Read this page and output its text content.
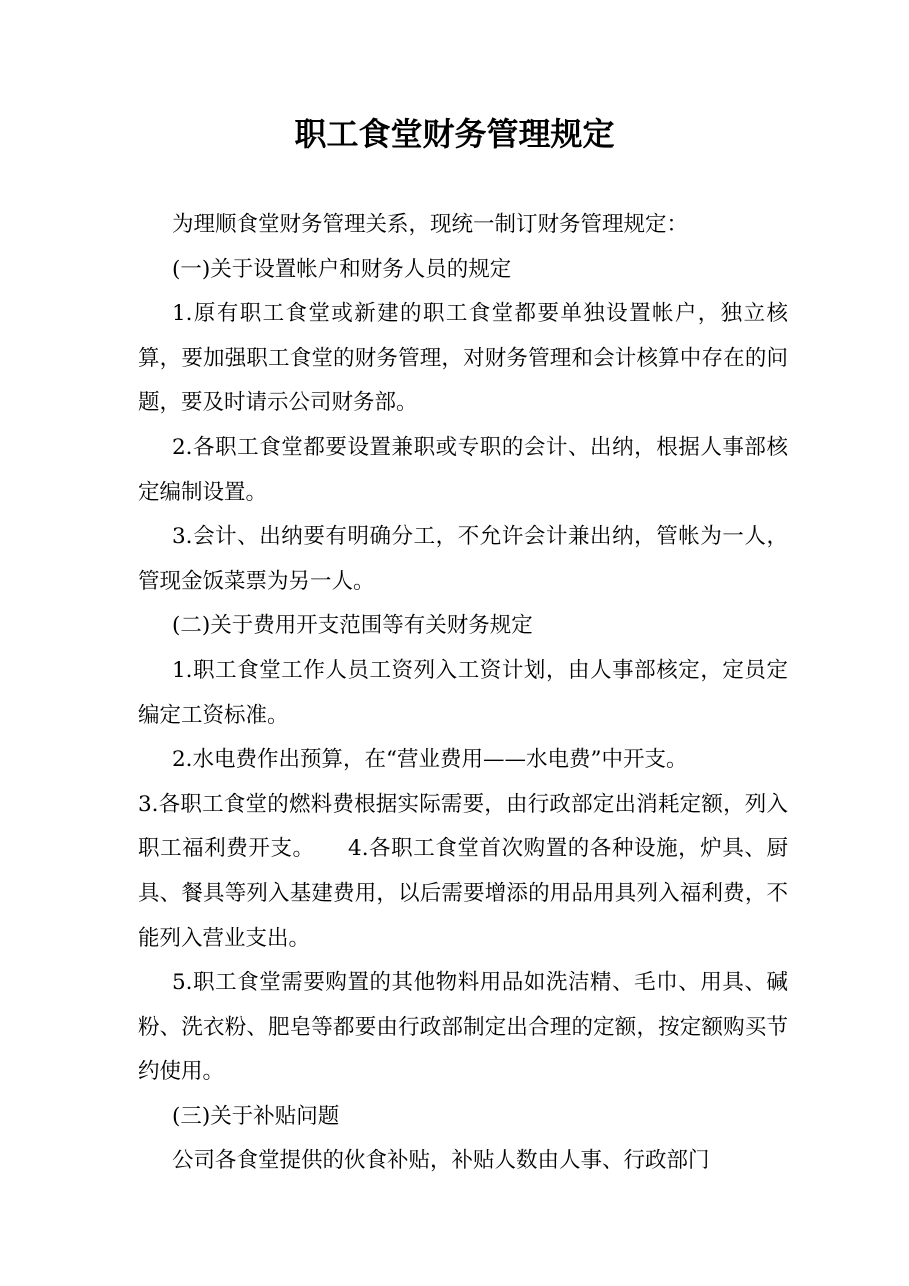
职工食堂财务管理规定

为理顺食堂财务管理关系，现统一制订财务管理规定：

(一)关于设置帐户和财务人员的规定

1.原有职工食堂或新建的职工食堂都要单独设置帐户，独立核算，要加强职工食堂的财务管理，对财务管理和会计核算中存在的问题，要及时请示公司财务部。

2.各职工食堂都要设置兼职或专职的会计、出纳，根据人事部核定编制设置。

3.会计、出纳要有明确分工，不允许会计兼出纳，管帐为一人，管现金饭菜票为另一人。

(二)关于费用开支范围等有关财务规定

1.职工食堂工作人员工资列入工资计划，由人事部核定，定员定编定工资标准。

2.水电费作出预算，在“营业费用——水电费”中开支。

3.各职工食堂的燃料费根据实际需要，由行政部定出消耗定额，列入职工福利费开支。　　4.各职工食堂首次购置的各种设施，炉具、厨具、餐具等列入基建费用，以后需要增添的用品用具列入福利费，不能列入营业支出。

5.职工食堂需要购置的其他物料用品如洗洁精、毛巾、用具、碱粉、洗衣粉、肥皂等都要由行政部制定出合理的定额，按定额购买节约使用。

(三)关于补贴问题

公司各食堂提供的伙食补贴，补贴人数由人事、行政部门
